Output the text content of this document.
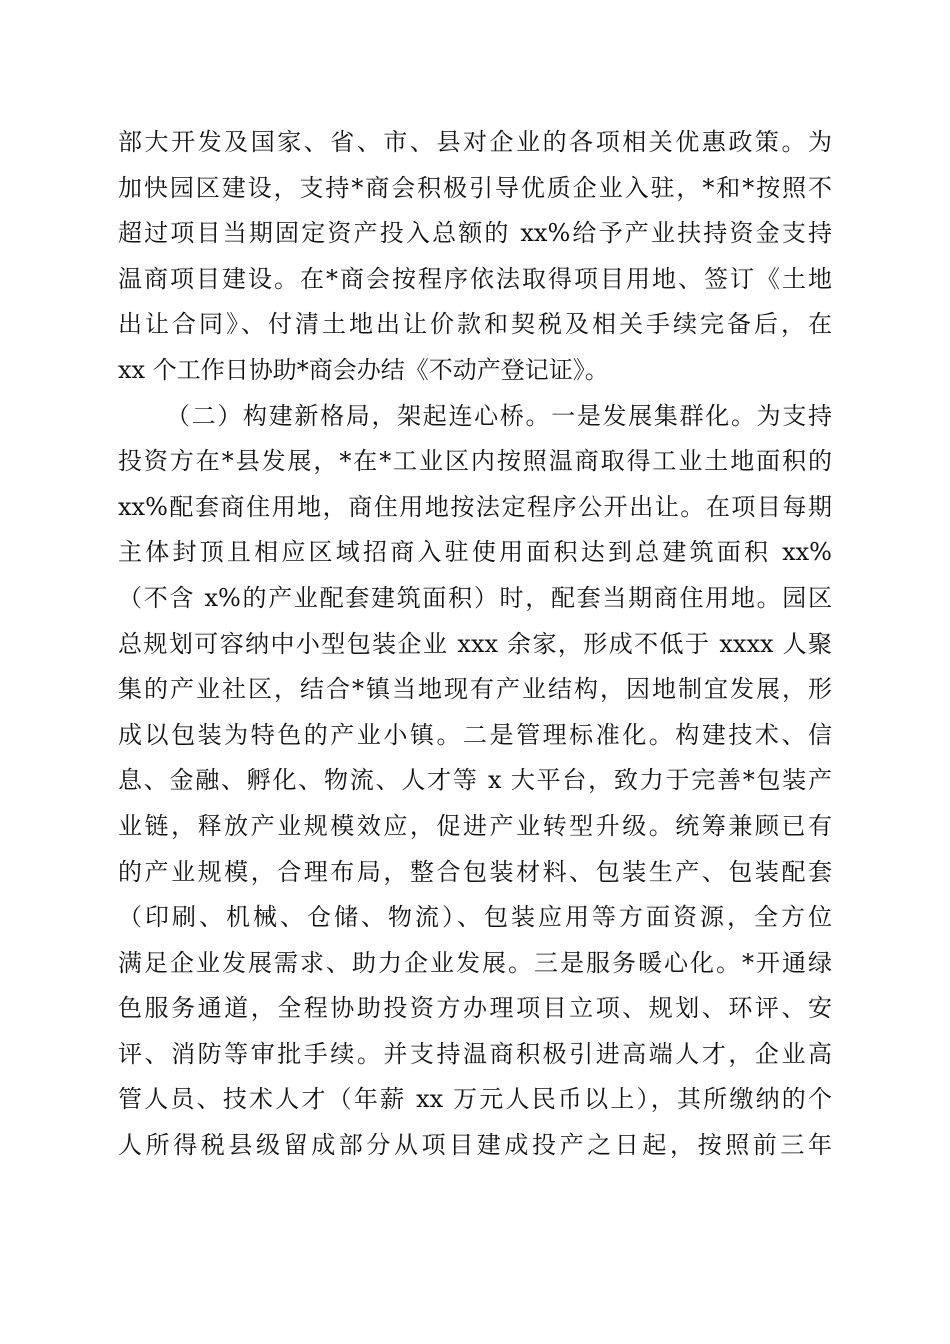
部大开发及国家、省、市、县对企业的各项相关优惠政策。为
加快园区建设，支持*商会积极引导优质企业入驻，*和*按照不
超过项目当期固定资产投入总额的 xx%给予产业扶持资金支持
温商项目建设。在*商会按程序依法取得项目用地、签订《土地
出让合同》、付清土地出让价款和契税及相关手续完备后，在
xx 个工作日协助*商会办结《不动产登记证》。
（二）构建新格局，架起连心桥。一是发展集群化。为支持
投资方在*县发展，*在*工业区内按照温商取得工业土地面积的
xx%配套商住用地，商住用地按法定程序公开出让。在项目每期
主体封顶且相应区域招商入驻使用面积达到总建筑面积 xx%
（不含 x%的产业配套建筑面积）时，配套当期商住用地。园区
总规划可容纳中小型包装企业 xxx 余家，形成不低于 xxxx 人聚
集的产业社区，结合*镇当地现有产业结构，因地制宜发展，形
成以包装为特色的产业小镇。二是管理标准化。构建技术、信
息、金融、孵化、物流、人才等 x 大平台，致力于完善*包装产
业链，释放产业规模效应，促进产业转型升级。统筹兼顾已有
的产业规模，合理布局，整合包装材料、包装生产、包装配套
（印刷、机械、仓储、物流）、包装应用等方面资源，全方位
满足企业发展需求、助力企业发展。三是服务暖心化。*开通绿
色服务通道，全程协助投资方办理项目立项、规划、环评、安
评、消防等审批手续。并支持温商积极引进高端人才，企业高
管人员、技术人才（年薪 xx 万元人民币以上），其所缴纳的个
人所得税县级留成部分从项目建成投产之日起，按照前三年
